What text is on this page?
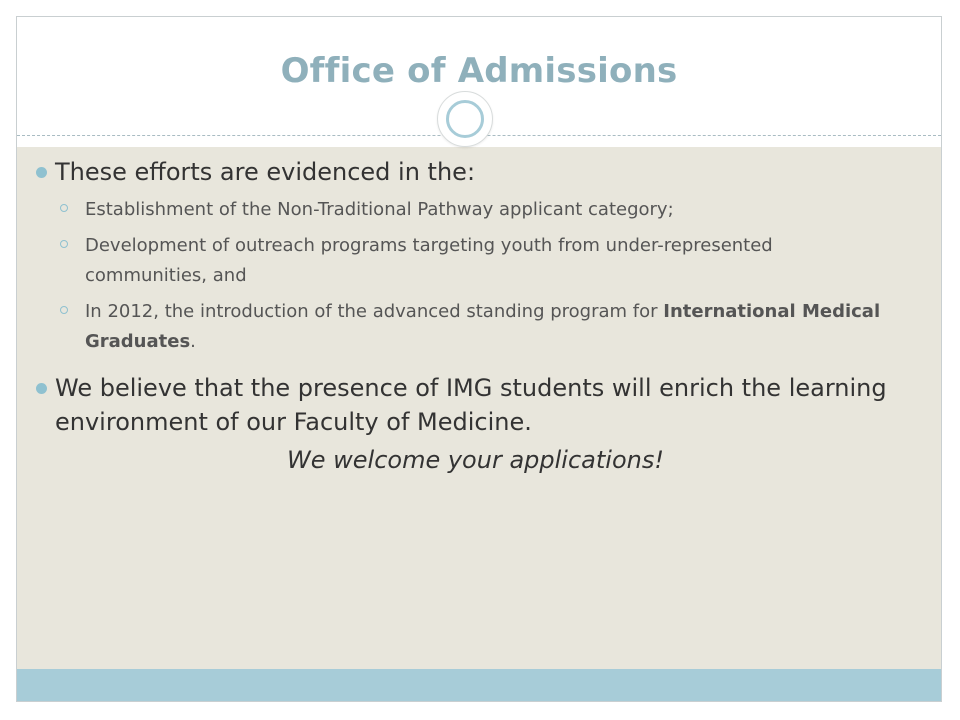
Office of Admissions
These efforts are evidenced in the:
Establishment of the Non-Traditional Pathway applicant category;
Development of outreach programs targeting youth from under-represented communities, and
In 2012, the introduction of the advanced standing program for International Medical Graduates.
We believe that the presence of IMG students will enrich the learning environment of our Faculty of Medicine.
We welcome your applications!
